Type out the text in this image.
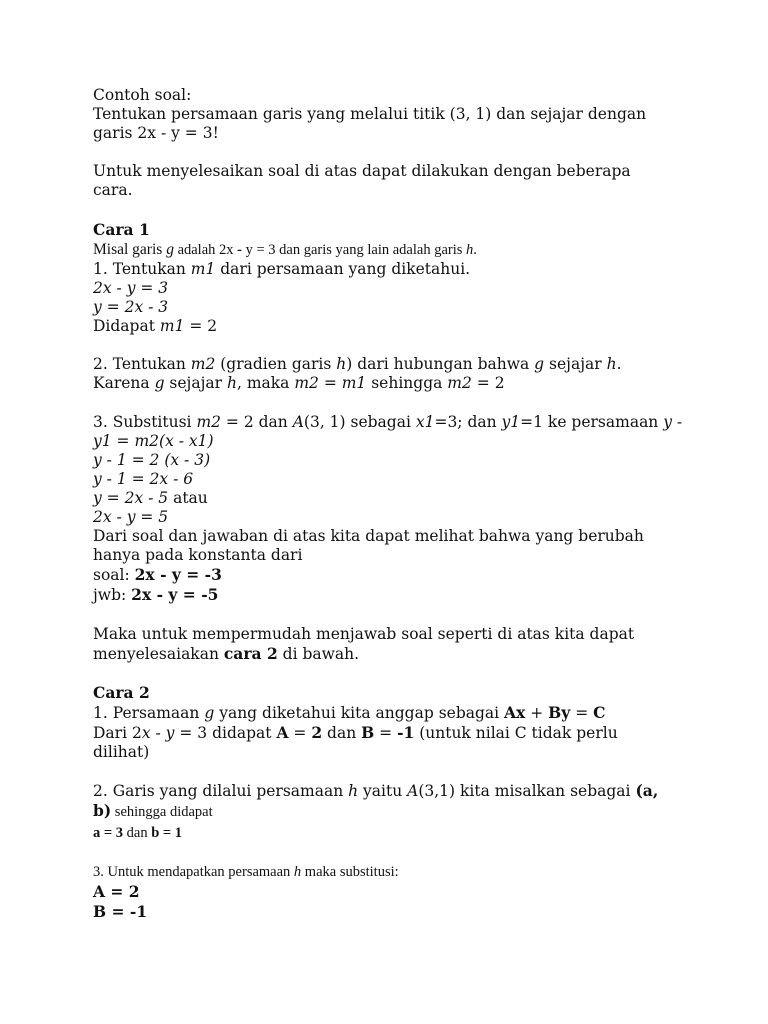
Contoh soal:
Tentukan persamaan garis yang melalui titik (3, 1) dan sejajar dengan
garis 2x - y = 3!
Untuk menyelesaikan soal di atas dapat dilakukan dengan beberapa
cara.
Cara 1
Misal garis g adalah 2x - y = 3 dan garis yang lain adalah garis h.
1. Tentukan m1 dari persamaan yang diketahui.
2x - y = 3
y = 2x - 3
Didapat m1 = 2
2. Tentukan m2 (gradien garis h) dari hubungan bahwa g sejajar h.
Karena g sejajar h, maka m2 = m1 sehingga m2 = 2
3. Substitusi m2 = 2 dan A(3, 1) sebagai x1=3; dan y1=1 ke persamaan y -
y1 = m2(x - x1)
y - 1 = 2 (x - 3)
y - 1 = 2x - 6
y = 2x - 5 atau
2x - y = 5
Dari soal dan jawaban di atas kita dapat melihat bahwa yang berubah
hanya pada konstanta dari
soal: 2x - y = -3
jwb: 2x - y = -5
Maka untuk mempermudah menjawab soal seperti di atas kita dapat
menyelesaiakan cara 2 di bawah.
Cara 2
1. Persamaan g yang diketahui kita anggap sebagai Ax + By = C
Dari 2x - y = 3 didapat A = 2 dan B = -1 (untuk nilai C tidak perlu
dilihat)
2. Garis yang dilalui persamaan h yaitu A(3,1) kita misalkan sebagai (a,
b) sehingga didapat
a = 3 dan b = 1
3. Untuk mendapatkan persamaan h maka substitusi:
A = 2
B = -1
